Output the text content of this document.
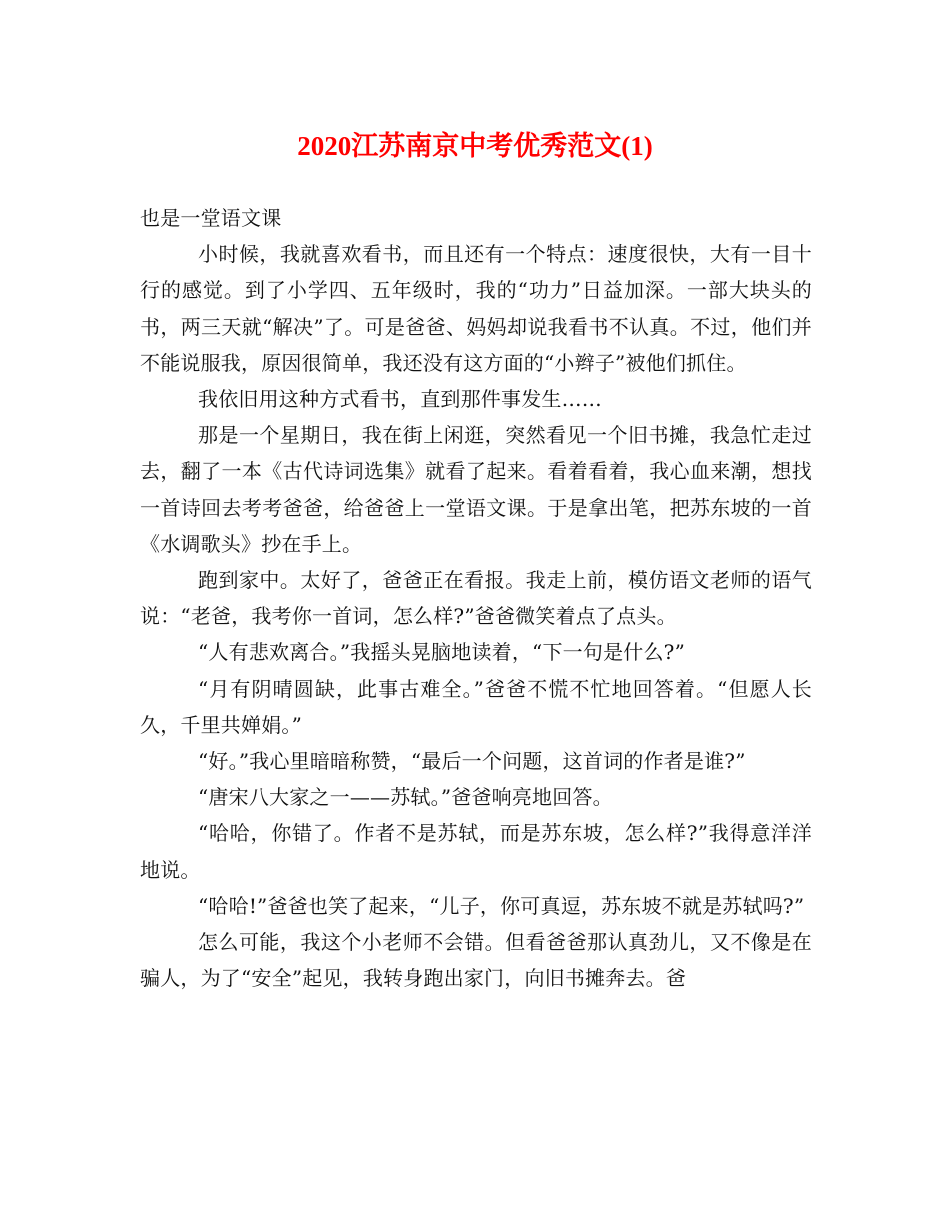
2020江苏南京中考优秀范文(1)

也是一堂语文课

小时候，我就喜欢看书，而且还有一个特点：速度很快，大有一目十行的感觉。到了小学四、五年级时，我的“功力”日益加深。一部大块头的书，两三天就“解决”了。可是爸爸、妈妈却说我看书不认真。不过，他们并不能说服我，原因很简单，我还没有这方面的“小辫子”被他们抓住。

我依旧用这种方式看书，直到那件事发生……

那是一个星期日，我在街上闲逛，突然看见一个旧书摊，我急忙走过去，翻了一本《古代诗词选集》就看了起来。看着看着，我心血来潮，想找一首诗回去考考爸爸，给爸爸上一堂语文课。于是拿出笔，把苏东坡的一首《水调歌头》抄在手上。

跑到家中。太好了，爸爸正在看报。我走上前，模仿语文老师的语气说：“老爸，我考你一首词，怎么样?”爸爸微笑着点了点头。

“人有悲欢离合。”我摇头晃脑地读着，“下一句是什么?”

“月有阴晴圆缺，此事古难全。”爸爸不慌不忙地回答着。“但愿人长久，千里共婵娟。”

“好。”我心里暗暗称赞，“最后一个问题，这首词的作者是谁?”

“唐宋八大家之一——苏轼。”爸爸响亮地回答。

“哈哈，你错了。作者不是苏轼，而是苏东坡，怎么样?”我得意洋洋地说。

“哈哈!”爸爸也笑了起来，“儿子，你可真逗，苏东坡不就是苏轼吗?”

怎么可能，我这个小老师不会错。但看爸爸那认真劲儿，又不像是在骗人，为了“安全”起见，我转身跑出家门，向旧书摊奔去。爸
